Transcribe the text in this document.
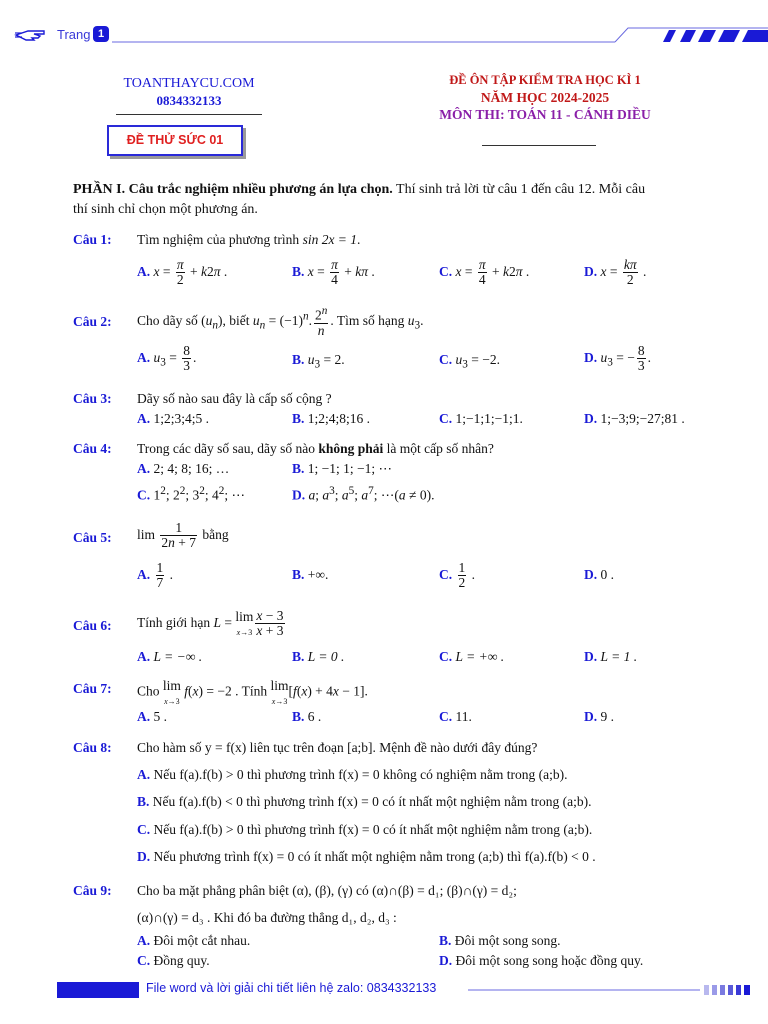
Trang 1
TOANTHAYCU.COM
0834332133
ĐỀ THỬ SỨC 01
ĐỀ ÔN TẬP KIỂM TRA HỌC KÌ 1
NĂM HỌC 2024-2025
MÔN THI: TOÁN 11 - CÁNH DIỀU
PHẦN I. Câu trắc nghiệm nhiều phương án lựa chọn. Thí sinh trả lời từ câu 1 đến câu 12. Mỗi câu
thí sinh chỉ chọn một phương án.
Câu 1: Tìm nghiệm của phương trình sin 2x = 1.
A. $x = \frac{\pi}{2} + k2\pi$ .	B. $x = \frac{\pi}{4} + k\pi$ .	C. $x = \frac{\pi}{4} + k2\pi$ .	D. $x = \frac{k\pi}{2}$ .
Câu 2: Cho dãy số $(u_n)$, biết $u_n = (-1)^n$. $\frac{2^n}{n}$ . Tìm số hạng $u_3$.
A. $u_3 = \frac{8}{3}$ .	B. $u_3 = 2$.	C. $u_3 = -2$.	D. $u_3$ = − $\frac{8}{3}$ .
Câu 3: Dãy số nào sau đây là cấp số cộng ?
A. 1;2;3;4;5 .	B. 1;2;4;8;16 .	C. 1;−1;1;−1;1.	D. 1;−3;9;−27;81 .
Câu 4: Trong các dãy số sau, dãy số nào không phải là một cấp số nhân?
A. 2; 4; 8; 16; …	B. 1; −1; 1; −1; ⋯
C. $1^2$; $2^2$; $3^2$; $4^2$; ⋯	D. a; $a^3$; $a^5$; $a^7$; ⋯(a ≠ 0).
Câu 5: $\lim \frac{1}{2n + 7}$ bằng
A. $\frac{1}{7}$ .	B. +∞.	C. $\frac{1}{2}$ .	D. 0 .
Câu 6: Tính giới hạn L = lim
$x\to 3 \frac{x - 3}{x + 3}$
A. L = −∞ .	B. L = 0 .	C. L = +∞ .	D. L = 1 .
Câu 7: Cho lim
x→3 f(x) = −2 . Tính lim
x→3[f(x) + 4x − 1].
A. 5 .	B. 6 .	C. 11.	D. 9 .
Câu 8: Cho hàm số y = f(x) liên tục trên đoạn [a;b]. Mệnh đề nào dưới đây đúng?
A. Nếu f(a).f(b) > 0 thì phương trình f(x) = 0 không có nghiệm nằm trong (a;b).
B. Nếu f(a).f(b) < 0 thì phương trình f(x) = 0 có ít nhất một nghiệm nằm trong (a;b).
C. Nếu f(a).f(b) > 0 thì phương trình f(x) = 0 có ít nhất một nghiệm nằm trong (a;b).
D. Nếu phương trình f(x) = 0 có ít nhất một nghiệm nằm trong (a;b) thì f(a).f(b) < 0 .
Câu 9: Cho ba mặt phẳng phân biệt (α), (β), (γ) có (α)∩(β) = d₁; (β)∩(γ) = d₂;
(α)∩(γ) = d₃ . Khi đó ba đường thẳng d₁, d₂, d₃ :
A. Đôi một cắt nhau.	B. Đôi một song song.
C. Đồng quy.	D. Đôi một song song hoặc đồng quy.
File word và lời giải chi tiết liên hệ zalo: 0834332133
